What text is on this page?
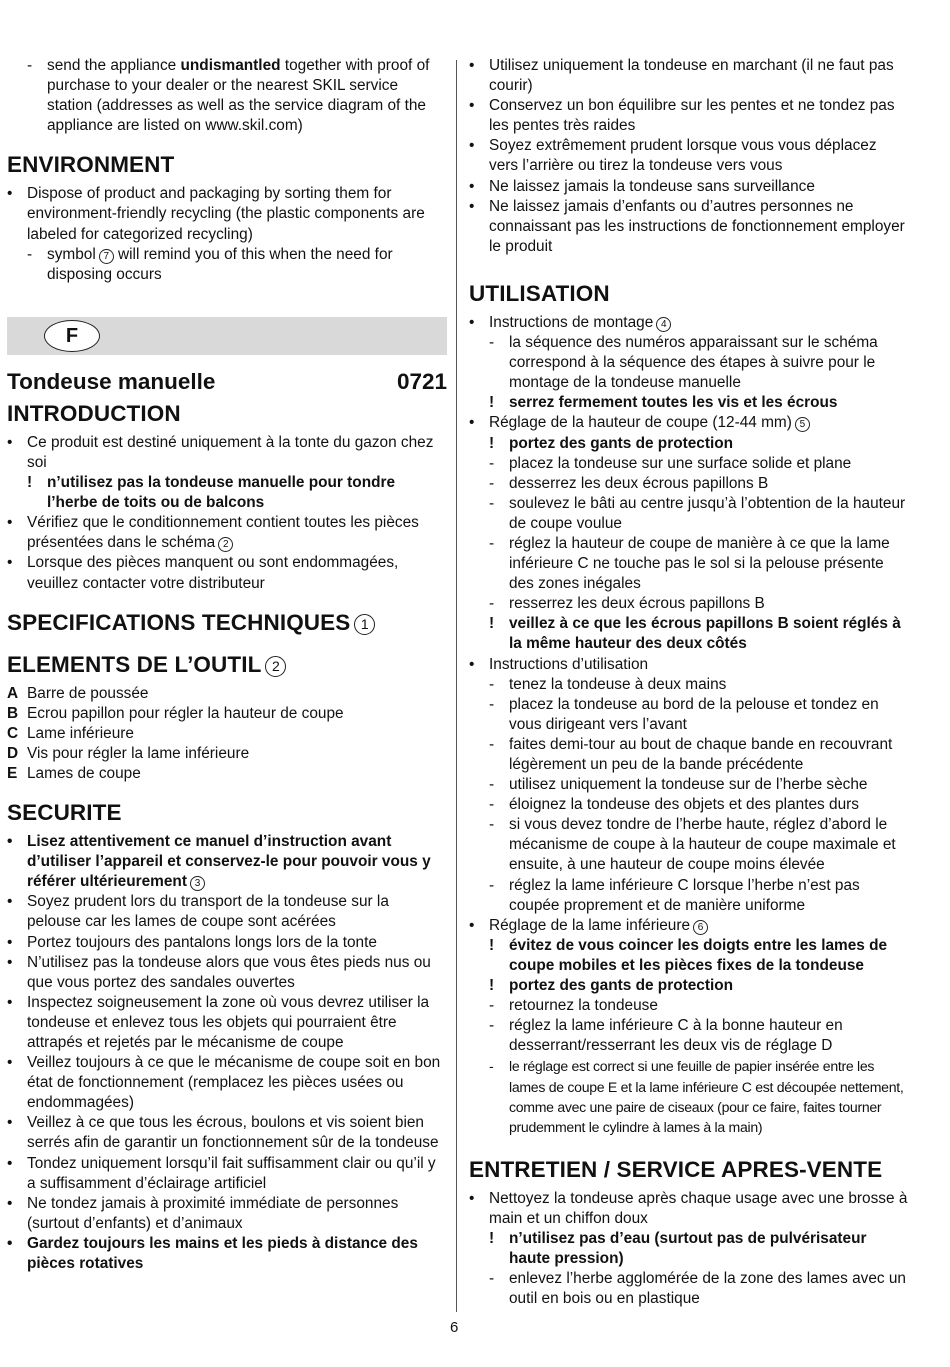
- send the appliance undismantled together with proof of purchase to your dealer or the nearest SKIL service station (addresses as well as the service diagram of the appliance are listed on www.skil.com)
ENVIRONMENT
• Dispose of product and packaging by sorting them for environment-friendly recycling (the plastic components are labeled for categorized recycling)
- symbol 7 will remind you of this when the need for disposing occurs
F
Tondeuse manuelle	0721
INTRODUCTION
• Ce produit est destiné uniquement à la tonte du gazon chez soi
! n’utilisez pas la tondeuse manuelle pour tondre l’herbe de toits ou de balcons
• Vérifiez que le conditionnement contient toutes les pièces présentées dans le schéma 2
• Lorsque des pièces manquent ou sont endommagées, veuillez contacter votre distributeur
SPECIFICATIONS TECHNIQUES 1
ELEMENTS DE L’OUTIL 2
A Barre de poussée
B Ecrou papillon pour régler la hauteur de coupe
C Lame inférieure
D Vis pour régler la lame inférieure
E Lames de coupe
SECURITE
• Lisez attentivement ce manuel d’instruction avant d’utiliser l’appareil et conservez-le pour pouvoir vous y référer ultérieurement 3
• Soyez prudent lors du transport de la tondeuse sur la pelouse car les lames de coupe sont acérées
• Portez toujours des pantalons longs lors de la tonte
• N’utilisez pas la tondeuse alors que vous êtes pieds nus ou que vous portez des sandales ouvertes
• Inspectez soigneusement la zone où vous devrez utiliser la tondeuse et enlevez tous les objets qui pourraient être attrapés et rejetés par le mécanisme de coupe
• Veillez toujours à ce que le mécanisme de coupe soit en bon état de fonctionnement (remplacez les pièces usées ou endommagées)
• Veillez à ce que tous les écrous, boulons et vis soient bien serrés afin de garantir un fonctionnement sûr de la tondeuse
• Tondez uniquement lorsqu’il fait suffisamment clair ou qu’il y a suffisamment d’éclairage artificiel
• Ne tondez jamais à proximité immédiate de personnes (surtout d’enfants) et d’animaux
• Gardez toujours les mains et les pieds à distance des pièces rotatives
• Utilisez uniquement la tondeuse en marchant (il ne faut pas courir)
• Conservez un bon équilibre sur les pentes et ne tondez pas les pentes très raides
• Soyez extrêmement prudent lorsque vous vous déplacez vers l’arrière ou tirez la tondeuse vers vous
• Ne laissez jamais la tondeuse sans surveillance
• Ne laissez jamais d’enfants ou d’autres personnes ne connaissant pas les instructions de fonctionnement employer le produit
UTILISATION
• Instructions de montage 4
- la séquence des numéros apparaissant sur le schéma correspond à la séquence des étapes à suivre pour le montage de la tondeuse manuelle
! serrez fermement toutes les vis et les écrous
• Réglage de la hauteur de coupe (12-44 mm) 5
! portez des gants de protection
- placez la tondeuse sur une surface solide et plane
- desserrez les deux écrous papillons B
- soulevez le bâti au centre jusqu’à l’obtention de la hauteur de coupe voulue
- réglez la hauteur de coupe de manière à ce que la lame inférieure C ne touche pas le sol si la pelouse présente des zones inégales
- resserrez les deux écrous papillons B
! veillez à ce que les écrous papillons B soient réglés à la même hauteur des deux côtés
• Instructions d’utilisation
- tenez la tondeuse à deux mains
- placez la tondeuse au bord de la pelouse et tondez en vous dirigeant vers l’avant
- faites demi-tour au bout de chaque bande en recouvrant légèrement un peu de la bande précédente
- utilisez uniquement la tondeuse sur de l’herbe sèche
- éloignez la tondeuse des objets et des plantes durs
- si vous devez tondre de l’herbe haute, réglez d’abord le mécanisme de coupe à la hauteur de coupe maximale et ensuite, à une hauteur de coupe moins élevée
- réglez la lame inférieure C lorsque l’herbe n’est pas coupée proprement et de manière uniforme
• Réglage de la lame inférieure 6
! évitez de vous coincer les doigts entre les lames de coupe mobiles et les pièces fixes de la tondeuse
! portez des gants de protection
- retournez la tondeuse
- réglez la lame inférieure C à la bonne hauteur en desserrant/resserrant les deux vis de réglage D
-	le réglage est correct si une feuille de papier insérée entre les lames de coupe E et la lame inférieure C est découpée nettement, comme avec une paire de ciseaux (pour ce faire, faites tourner prudemment le cylindre à lames à la main)
ENTRETIEN / SERVICE APRES-VENTE
• Nettoyez la tondeuse après chaque usage avec une brosse à main et un chiffon doux
! n’utilisez pas d’eau (surtout pas de pulvérisateur haute pression)
- enlevez l’herbe agglomérée de la zone des lames avec un outil en bois ou en plastique
6
